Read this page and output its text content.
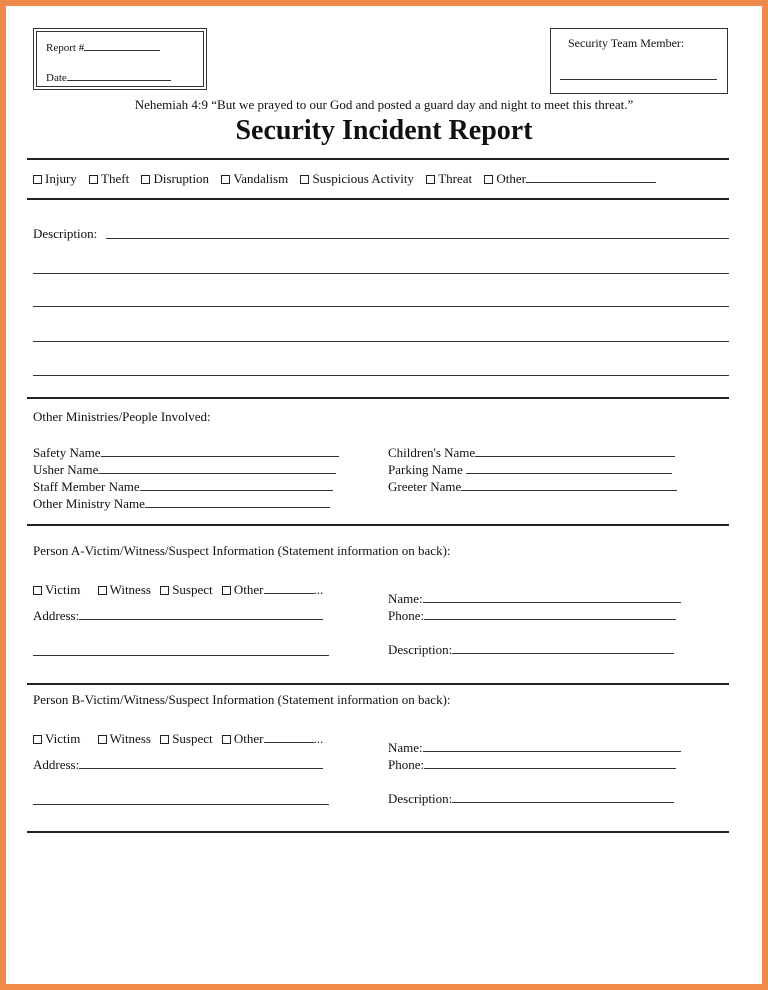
Report #
Date
Security Team Member:
Nehemiah 4:9 “But we prayed to our God and posted a guard day and night to meet this threat.”
Security Incident Report
Injury Theft Disruption Vandalism Suspicious Activity Threat Other
Description:
Other Ministries/People Involved:
Safety Name
Usher Name
Staff Member Name
Other Ministry Name
Children's Name
Parking Name
Greeter Name
Person A-Victim/Witness/Suspect Information (Statement information on back):
Victim Witness Suspect Other	...
Address:
Name:
Phone:
Description:
Person B-Victim/Witness/Suspect Information (Statement information on back):
Victim Witness Suspect Other	...
Address:
Name:
Phone:
Description:
